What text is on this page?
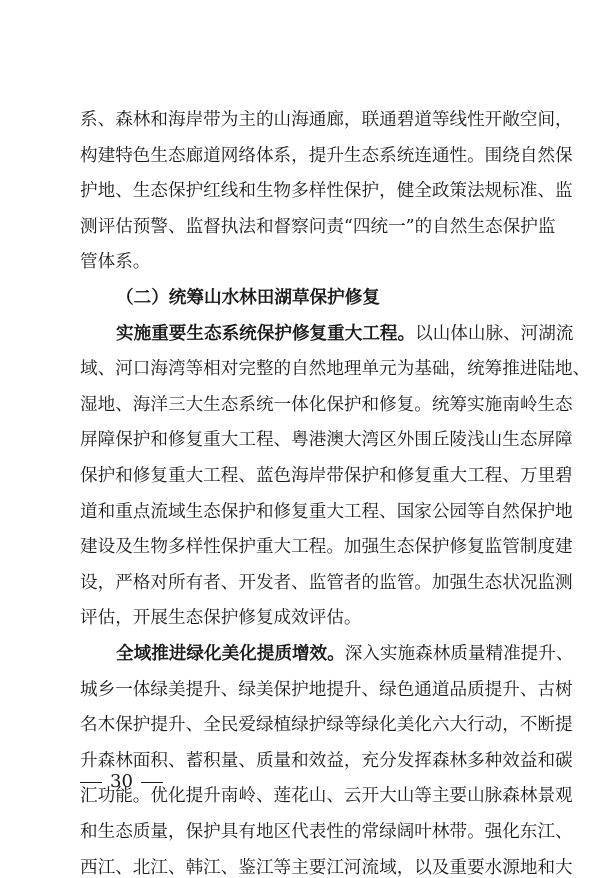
系、森林和海岸带为主的山海通廊，联通碧道等线性开敞空间，
构建特色生态廊道网络体系，提升生态系统连通性。围绕自然保
护地、生态保护红线和生物多样性保护，健全政策法规标准、监
测评估预警、监督执法和督察问责“四统一”的自然生态保护监
管体系。
（二）统筹山水林田湖草保护修复
实施重要生态系统保护修复重大工程。以山体山脉、河湖流
域、河口海湾等相对完整的自然地理单元为基础，统筹推进陆地、
湿地、海洋三大生态系统一体化保护和修复。统筹实施南岭生态
屏障保护和修复重大工程、粤港澳大湾区外围丘陵浅山生态屏障
保护和修复重大工程、蓝色海岸带保护和修复重大工程、万里碧
道和重点流域生态保护和修复重大工程、国家公园等自然保护地
建设及生物多样性保护重大工程。加强生态保护修复监管制度建
设，严格对所有者、开发者、监管者的监管。加强生态状况监测
评估，开展生态保护修复成效评估。
全域推进绿化美化提质增效。深入实施森林质量精准提升、
城乡一体绿美提升、绿美保护地提升、绿色通道品质提升、古树
名木保护提升、全民爱绿植绿护绿等绿化美化六大行动，不断提
升森林面积、蓄积量、质量和效益，充分发挥森林多种效益和碳
汇功能。优化提升南岭、莲花山、云开大山等主要山脉森林景观
和生态质量，保护具有地区代表性的常绿阔叶林带。强化东江、
西江、北江、韩江、鉴江等主要江河流域，以及重要水源地和大
30
